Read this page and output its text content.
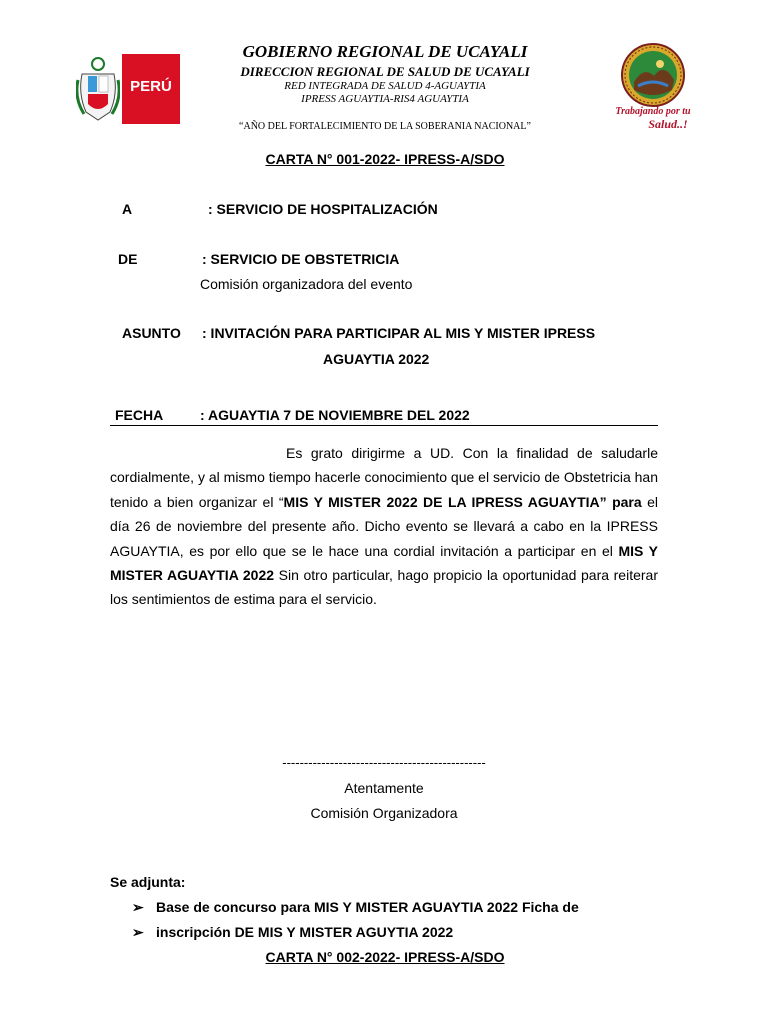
GOBIERNO REGIONAL DE UCAYALI
DIRECCION REGIONAL DE SALUD DE UCAYALI
RED INTEGRADA DE SALUD 4-AGUAYTIA
IPRESS AGUAYTIA-RIS4 AGUAYTIA
“AÑO DEL FORTALECIMIENTO DE LA SOBERANIA NACIONAL”
PERÚ
Trabajando por tu
Salud..!
CARTA N° 001-2022- IPRESS-A/SDO
A	: SERVICIO DE HOSPITALIZACIÓN
DE	: SERVICIO DE OBSTETRICIA
Comisión organizadora del evento
ASUNTO : INVITACIÓN PARA PARTICIPAR AL MIS Y MISTER IPRESS
AGUAYTIA 2022
FECHA	: AGUAYTIA 7 DE NOVIEMBRE DEL 2022
Es grato dirigirme a UD. Con la finalidad de saludarle cordialmente, y al mismo tiempo hacerle conocimiento que el servicio de Obstetricia han tenido a bien organizar el “MIS Y MISTER 2022 DE LA IPRESS AGUAYTIA” para el día 26 de noviembre del presente año. Dicho evento se llevará a cabo en la IPRESS AGUAYTIA, es por ello que se le hace una cordial invitación a participar en el MIS Y MISTER AGUAYTIA 2022 Sin otro particular, hago propicio la oportunidad para reiterar los sentimientos de estima para el servicio.
-----------------------------------------------
Atentamente
Comisión Organizadora
Se adjunta:
➢ Base de concurso para MIS Y MISTER AGUAYTIA 2022 Ficha de
➢ inscripción DE MIS Y MISTER AGUYTIA 2022
CARTA N° 002-2022- IPRESS-A/SDO
